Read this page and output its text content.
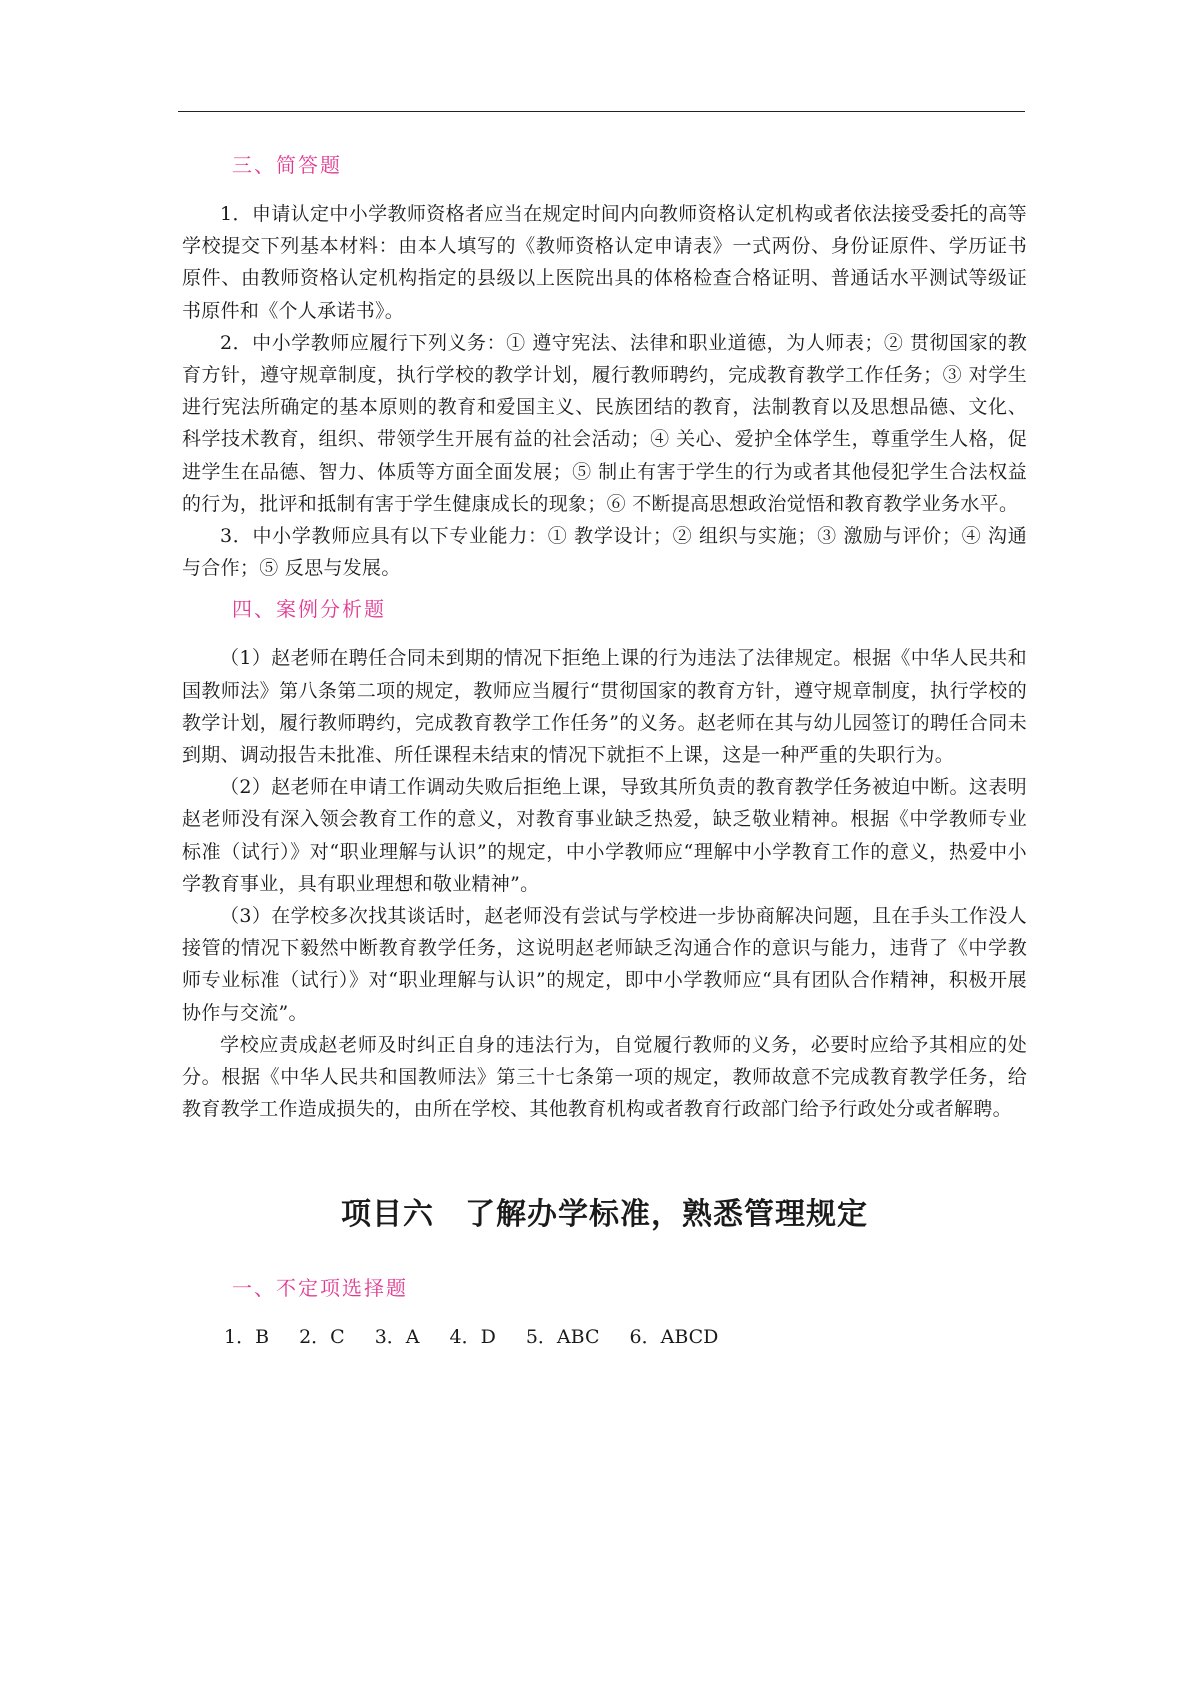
三、简答题

1．申请认定中小学教师资格者应当在规定时间内向教师资格认定机构或者依法接受委托的高等学校提交下列基本材料：由本人填写的《教师资格认定申请表》一式两份、身份证原件、学历证书原件、由教师资格认定机构指定的县级以上医院出具的体格检查合格证明、普通话水平测试等级证书原件和《个人承诺书》。

2．中小学教师应履行下列义务：① 遵守宪法、法律和职业道德，为人师表；② 贯彻国家的教育方针，遵守规章制度，执行学校的教学计划，履行教师聘约，完成教育教学工作任务；③ 对学生进行宪法所确定的基本原则的教育和爱国主义、民族团结的教育，法制教育以及思想品德、文化、科学技术教育，组织、带领学生开展有益的社会活动；④ 关心、爱护全体学生，尊重学生人格，促进学生在品德、智力、体质等方面全面发展；⑤ 制止有害于学生的行为或者其他侵犯学生合法权益的行为，批评和抵制有害于学生健康成长的现象；⑥ 不断提高思想政治觉悟和教育教学业务水平。

3．中小学教师应具有以下专业能力：① 教学设计；② 组织与实施；③ 激励与评价；④ 沟通与合作；⑤ 反思与发展。

四、案例分析题

（1）赵老师在聘任合同未到期的情况下拒绝上课的行为违法了法律规定。根据《中华人民共和国教师法》第八条第二项的规定，教师应当履行“贯彻国家的教育方针，遵守规章制度，执行学校的教学计划，履行教师聘约，完成教育教学工作任务”的义务。赵老师在其与幼儿园签订的聘任合同未到期、调动报告未批准、所任课程未结束的情况下就拒不上课，这是一种严重的失职行为。

（2）赵老师在申请工作调动失败后拒绝上课，导致其所负责的教育教学任务被迫中断。这表明赵老师没有深入领会教育工作的意义，对教育事业缺乏热爱，缺乏敬业精神。根据《中学教师专业标准（试行）》对“职业理解与认识”的规定，中小学教师应“理解中小学教育工作的意义，热爱中小学教育事业，具有职业理想和敬业精神”。

（3）在学校多次找其谈话时，赵老师没有尝试与学校进一步协商解决问题，且在手头工作没人接管的情况下毅然中断教育教学任务，这说明赵老师缺乏沟通合作的意识与能力，违背了《中学教师专业标准（试行）》对“职业理解与认识”的规定，即中小学教师应“具有团队合作精神，积极开展协作与交流”。

学校应责成赵老师及时纠正自身的违法行为，自觉履行教师的义务，必要时应给予其相应的处分。根据《中华人民共和国教师法》第三十七条第一项的规定，教师故意不完成教育教学任务，给教育教学工作造成损失的，由所在学校、其他教育机构或者教育行政部门给予行政处分或者解聘。

项目六　了解办学标准，熟悉管理规定
一、不定项选择题
1．B 2．C 3．A 4．D 5．ABC 6．ABCD
